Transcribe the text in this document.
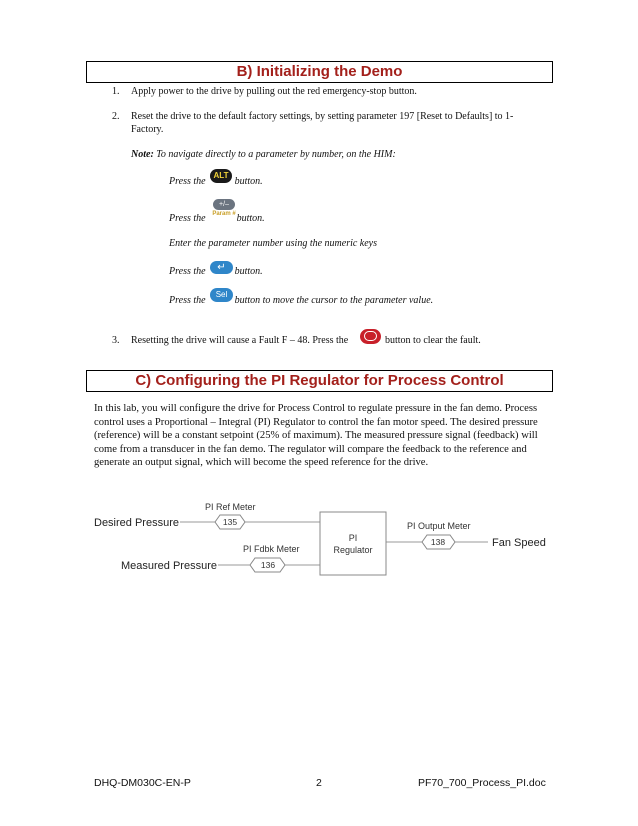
B) Initializing the Demo
1. Apply power to the drive by pulling out the red emergency-stop button.
2. Reset the drive to the default factory settings, by setting parameter 197 [Reset to Defaults] to 1-Factory.
Note: To navigate directly to a parameter by number, on the HIM:
Press the	button.
ALT
Press the	button.
+/–
Param #
Enter the parameter number using the numeric keys
Press the	button.
↵
Press the	button to move the cursor to the parameter value.
Sel
3. Resetting the drive will cause a Fault F – 48. Press the	button to clear the fault.
C) Configuring the PI Regulator for Process Control
In this lab, you will configure the drive for Process Control to regulate pressure in the fan demo. Process control uses a Proportional – Integral (PI) Regulator to control the fan motor speed. The desired pressure (reference) will be a constant setpoint (25% of maximum). The measured pressure signal (feedback) will come from a transducer in the fan demo. The regulator will compare the feedback to the reference and generate an output signal, which will become the speed reference for the drive.
PI
Regulator
135
136
138
Desired Pressure
PI Ref Meter
Measured Pressure
PI Fdbk Meter
PI Output Meter
Fan Speed
DHQ-DM030C-EN-P	2	PF70_700_Process_PI.doc
